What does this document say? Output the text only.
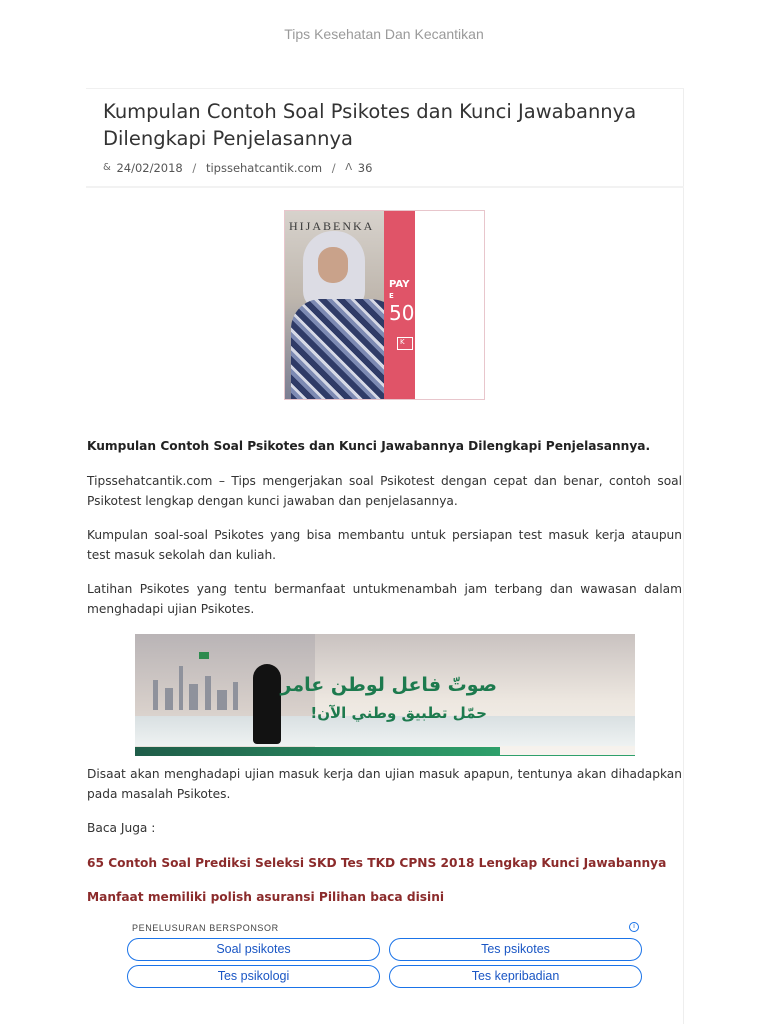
Tips Kesehatan Dan Kecantikan
Kumpulan Contoh Soal Psikotes dan Kunci Jawabannya Dilengkapi Penjelasannya
& 24/02/2018 / tipssehatcantik.com / Λ 36
HIJABENKA
PAY
E
50
K

Kumpulan Contoh Soal Psikotes dan Kunci Jawabannya Dilengkapi Penjelasannya.

Tipssehatcantik.com – Tips mengerjakan soal Psikotest dengan cepat dan benar, contoh soal Psikotest lengkap dengan kunci jawaban dan penjelasannya.

Kumpulan soal-soal Psikotes yang bisa membantu untuk persiapan test masuk kerja ataupun test masuk sekolah dan kuliah.

Latihan Psikotes yang tentu bermanfaat untukmenambah jam terbang dan wawasan dalam menghadapi ujian Psikotes.

صوتّ فاعل لوطن عامر
حمّل تطبيق وطني الآن!

Disaat akan menghadapi ujian masuk kerja dan ujian masuk apapun, tentunya akan dihadapkan pada masalah Psikotes.

Baca Juga :

65 Contoh Soal Prediksi Seleksi SKD Tes TKD CPNS 2018 Lengkap Kunci Jawabannya

Manfaat memiliki polish asuransi Pilihan baca disini

PENELUSURAN BERSPONSOR	i
Soal psikotes	Tes psikotes
Tes psikologi	Tes kepribadian
